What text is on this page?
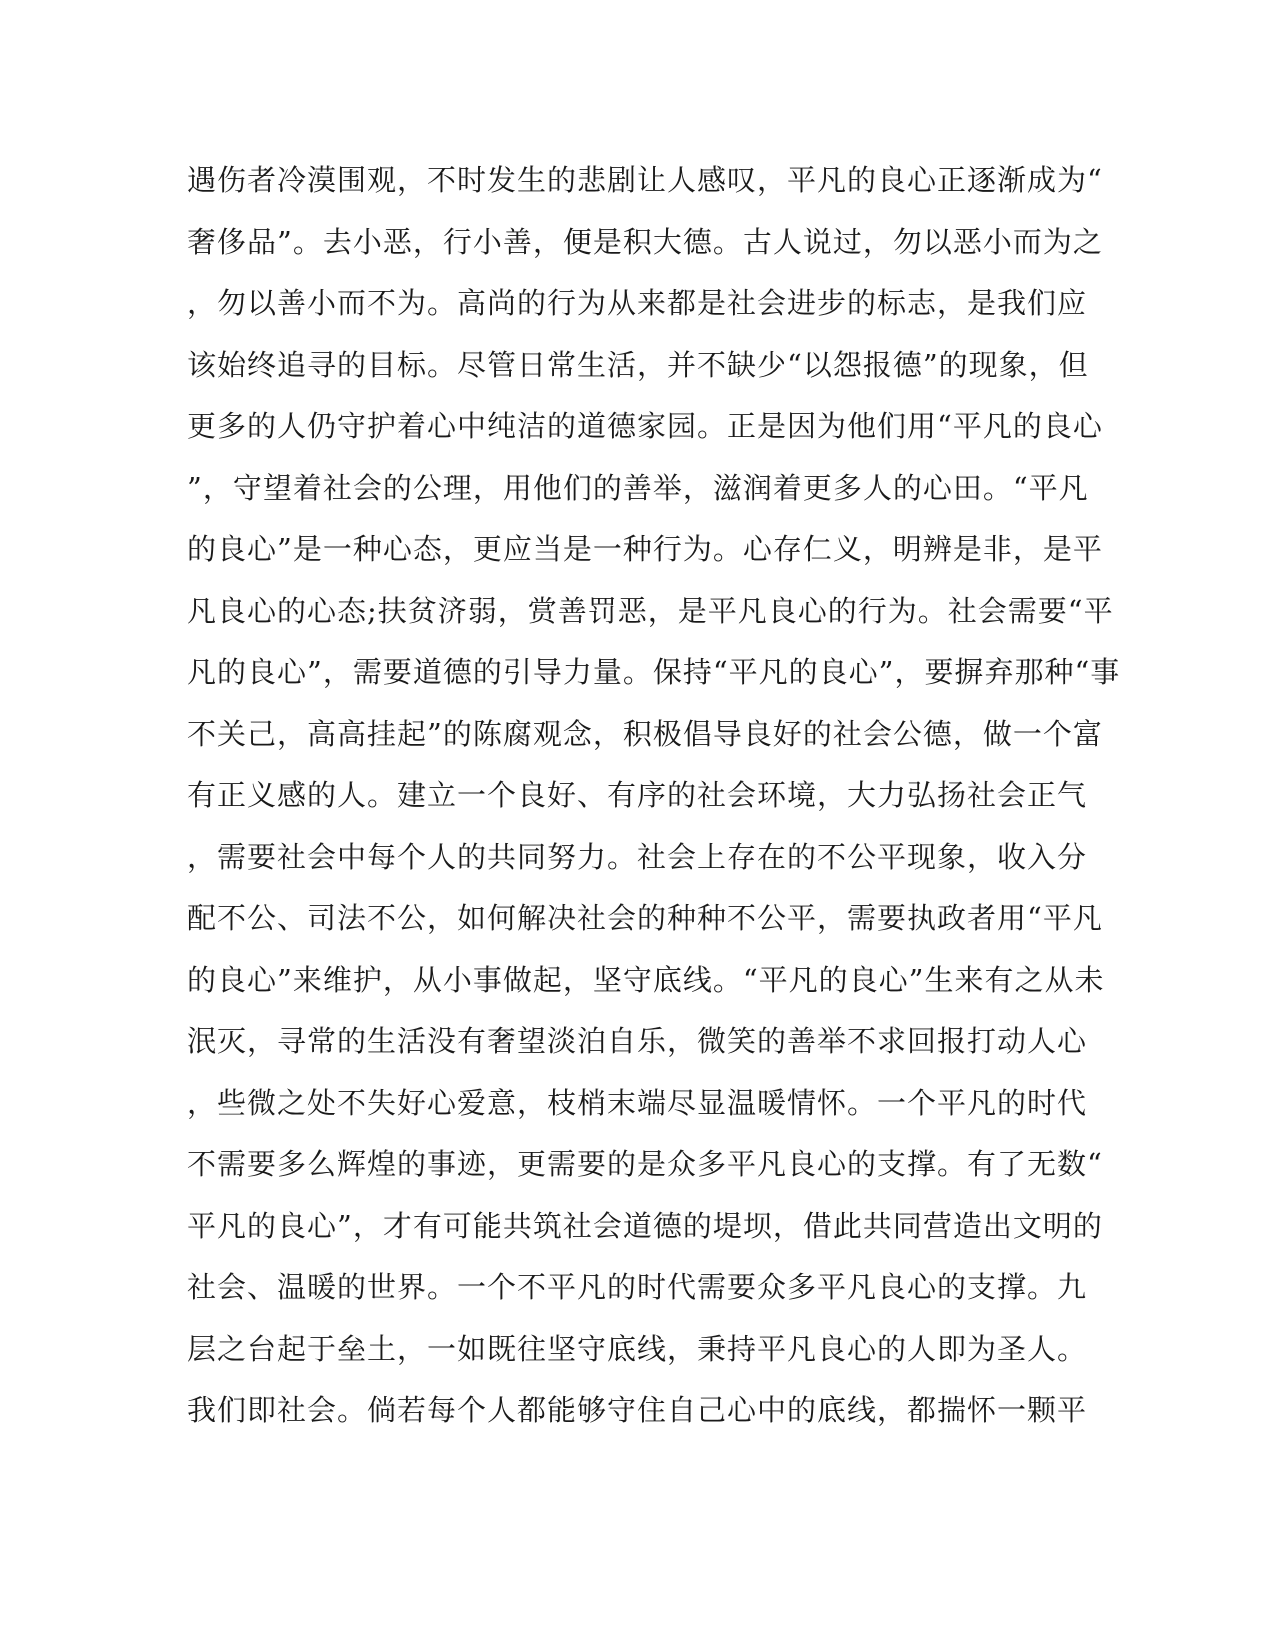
遇伤者冷漠围观，不时发生的悲剧让人感叹，平凡的良心正逐渐成为“
奢侈品”。去小恶，行小善，便是积大德。古人说过，勿以恶小而为之
，勿以善小而不为。高尚的行为从来都是社会进步的标志，是我们应
该始终追寻的目标。尽管日常生活，并不缺少“以怨报德”的现象，但
更多的人仍守护着心中纯洁的道德家园。正是因为他们用“平凡的良心
”，守望着社会的公理，用他们的善举，滋润着更多人的心田。“平凡
的良心”是一种心态，更应当是一种行为。心存仁义，明辨是非，是平
凡良心的心态;扶贫济弱，赏善罚恶，是平凡良心的行为。社会需要“平
凡的良心”，需要道德的引导力量。保持“平凡的良心”，要摒弃那种“事
不关己，高高挂起”的陈腐观念，积极倡导良好的社会公德，做一个富
有正义感的人。建立一个良好、有序的社会环境，大力弘扬社会正气
，需要社会中每个人的共同努力。社会上存在的不公平现象，收入分
配不公、司法不公，如何解决社会的种种不公平，需要执政者用“平凡
的良心”来维护，从小事做起，坚守底线。“平凡的良心”生来有之从未
泯灭，寻常的生活没有奢望淡泊自乐，微笑的善举不求回报打动人心
，些微之处不失好心爱意，枝梢末端尽显温暖情怀。一个平凡的时代
不需要多么辉煌的事迹，更需要的是众多平凡良心的支撑。有了无数“
平凡的良心”，才有可能共筑社会道德的堤坝，借此共同营造出文明的
社会、温暖的世界。一个不平凡的时代需要众多平凡良心的支撑。九
层之台起于垒土，一如既往坚守底线，秉持平凡良心的人即为圣人。
我们即社会。倘若每个人都能够守住自己心中的底线，都揣怀一颗平
